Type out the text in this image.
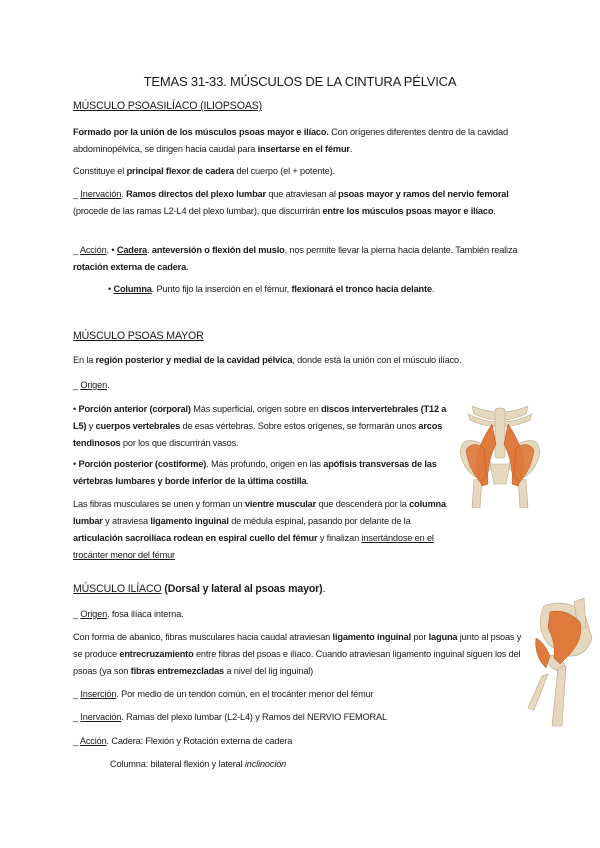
TEMAS 31-33. MÚSCULOS DE LA CINTURA PÉLVICA
MÚSCULO PSOASILÍACO (ILIOPSOAS)
Formado por la unión de los músculos psoas mayor e ilíaco. Con orígenes diferentes dentro de la cavidad abdominopélvica, se dirigen hacia caudal para insertarse en el fémur.
Constituye el principal flexor de cadera del cuerpo (el + potente).
_ Inervación. Ramos directos del plexo lumbar que atraviesan al psoas mayor y ramos del nervio femoral (procede de las ramas L2-L4 del plexo lumbar), que discurrirán entre los músculos psoas mayor e ilíaco.
_ Acción. • Cadera. anteversión o flexión del muslo, nos permite llevar la pierna hacia delante. También realiza rotación externa de cadera.
• Columna. Punto fijo la inserción en el fémur, flexionará el tronco hacia delante.
MÚSCULO PSOAS MAYOR
En la región posterior y medial de la cavidad pélvica, donde está la unión con el músculo ilíaco.
_ Origen.
• Porción anterior (corporal) Más superficial, origen sobre en discos intervertebrales (T12 a L5) y cuerpos vertebrales de esas vértebras. Sobre estos orígenes, se formarán unos arcos tendinosos por los que discurrirán vasos.
• Porción posterior (costiforme). Más profundo, origen en las apófisis transversas de las vértebras lumbares y borde inferior de la última costilla.
Las fibras musculares se unen y forman un vientre muscular que descenderá por la columna lumbar y atraviesa ligamento inguinal de médula espinal, pasando por delante de la articulación sacroilíaca rodean en espiral cuello del fémur y finalizan insertándose en el trocánter menor del fémur
MÚSCULO ILÍACO (Dorsal y lateral al psoas mayor).
_ Origen. fosa ilíaca interna.
Con forma de abanico, fibras musculares hacia caudal atraviesan ligamento inguinal por laguna junto al psoas y se produce entrecruzamiento entre fibras del psoas e ilíaco. Cuando atraviesan ligamento inguinal siguen los del psoas (ya son fibras entremezcladas a nivel del lig inguinal)
_ Inserción. Por medio de un tendón común, en el trocánter menor del fémur
_ Inervación. Ramas del plexo lumbar (L2-L4) y Ramos del NERVIO FEMORAL
_ Acción. Cadera: Flexión y Rotación externa de cadera
Columna: bilateral flexión y lateral inclinoción
